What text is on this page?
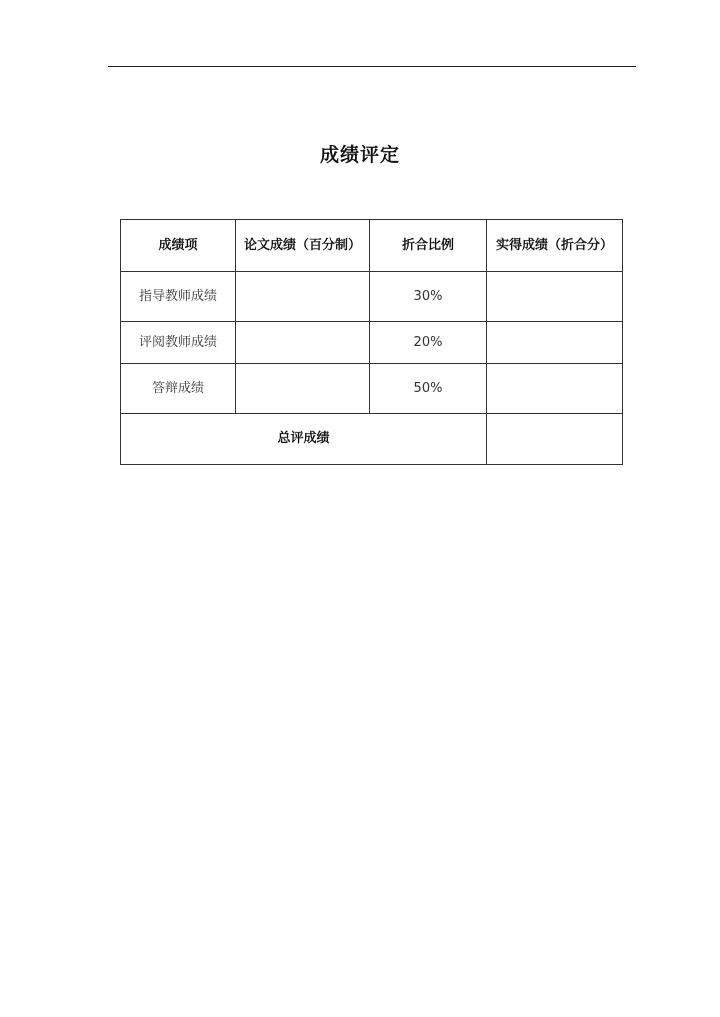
成绩评定
成绩项	论文成绩（百分制）	折合比例	实得成绩（折合分）
指导教师成绩		30%	
评阅教师成绩		20%	
答辩成绩		50%	
总评成绩			
